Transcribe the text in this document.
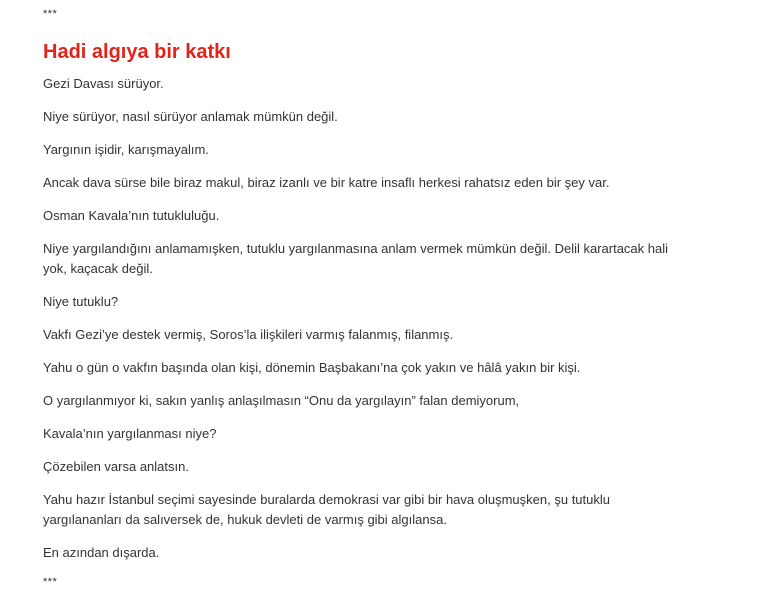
***
Hadi algıya bir katkı

Gezi Davası sürüyor.

Niye sürüyor, nasıl sürüyor anlamak mümkün değil.

Yargının işidir, karışmayalım.

Ancak dava sürse bile biraz makul, biraz izanlı ve bir katre insaflı herkesi rahatsız eden bir şey var.

Osman Kavala’nın tutukluluğu.

Niye yargılandığını anlamamışken, tutuklu yargılanmasına anlam vermek mümkün değil. Delil karartacak hali yok, kaçacak değil.

Niye tutuklu?

Vakfı Gezi’ye destek vermiş, Soros’la ilişkileri varmış falanmış, filanmış.

Yahu o gün o vakfın başında olan kişi, dönemin Başbakanı’na çok yakın ve hâlâ yakın bir kişi.

O yargılanmıyor ki, sakın yanlış anlaşılmasın “Onu da yargılayın” falan demiyorum,

Kavala’nın yargılanması niye?

Çözebilen varsa anlatsın.

Yahu hazır İstanbul seçimi sayesinde buralarda demokrasi var gibi bir hava oluşmuşken, şu tutuklu yargılananları da salıversek de, hukuk devleti de varmış gibi algılansa.

En azından dışarda.

***
